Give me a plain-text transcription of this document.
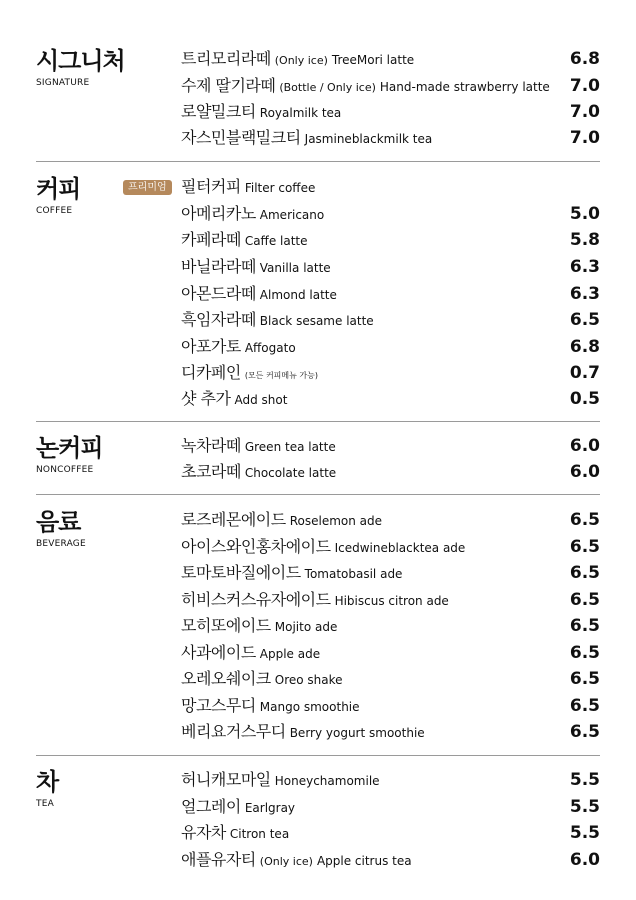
시그니처
SIGNATURE
트리모리라떼 (Only ice) TreeMori latte	6.8
수제 딸기라떼 (Bottle / Only ice) Hand-made strawberry latte 7.0
로얄밀크티 Royalmilk tea	7.0
자스민블랙밀크티 Jasmineblackmilk tea	7.0
커피
COFFEE
프리미엄 필터커피 Filter coffee
아메리카노 Americano	5.0
카페라떼 Caffe latte	5.8
바닐라라떼 Vanilla latte	6.3
아몬드라떼 Almond latte	6.3
흑임자라떼 Black sesame latte	6.5
아포가토 Affogato	6.8
디카페인 (모든 커피메뉴 가능)	0.7
샷 추가 Add shot	0.5
논커피
NONCOFFEE
녹차라떼 Green tea latte	6.0
초코라떼 Chocolate latte	6.0
음료
BEVERAGE
로즈레몬에이드 Roselemon ade	6.5
아이스와인홍차에이드 Icedwineblacktea ade	6.5
토마토바질에이드 Tomatobasil ade	6.5
히비스커스유자에이드 Hibiscus citron ade	6.5
모히또에이드 Mojito ade	6.5
사과에이드 Apple ade	6.5
오레오쉐이크 Oreo shake	6.5
망고스무디 Mango smoothie	6.5
베리요거스무디 Berry yogurt smoothie	6.5
차
TEA
허니캐모마일 Honeychamomile	5.5
얼그레이 Earlgray	5.5
유자차 Citron tea	5.5
애플유자티 (Only ice) Apple citrus tea	6.0
